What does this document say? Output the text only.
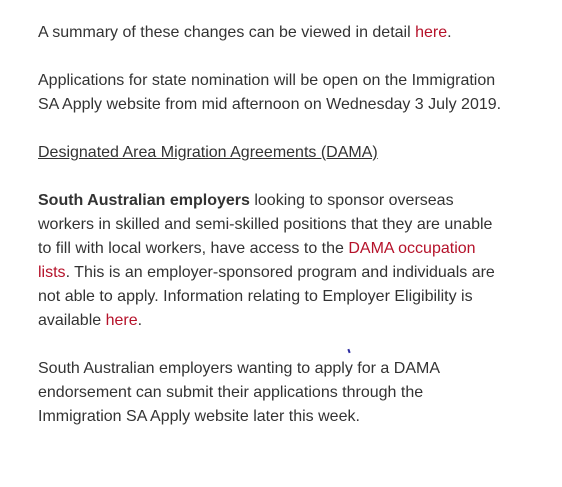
A summary of these changes can be viewed in detail here.

Applications for state nomination will be open on the Immigration SA Apply website from mid afternoon on Wednesday 3 July 2019.

Designated Area Migration Agreements (DAMA)

South Australian employers looking to sponsor overseas workers in skilled and semi-skilled positions that they are unable to fill with local workers, have access to the DAMA occupation lists. This is an employer-sponsored program and individuals are not able to apply. Information relating to Employer Eligibility is available here.

South Australian employers wanting to apply for a DAMA endorsement can submit their applications through the Immigration SA Apply website later this week.
